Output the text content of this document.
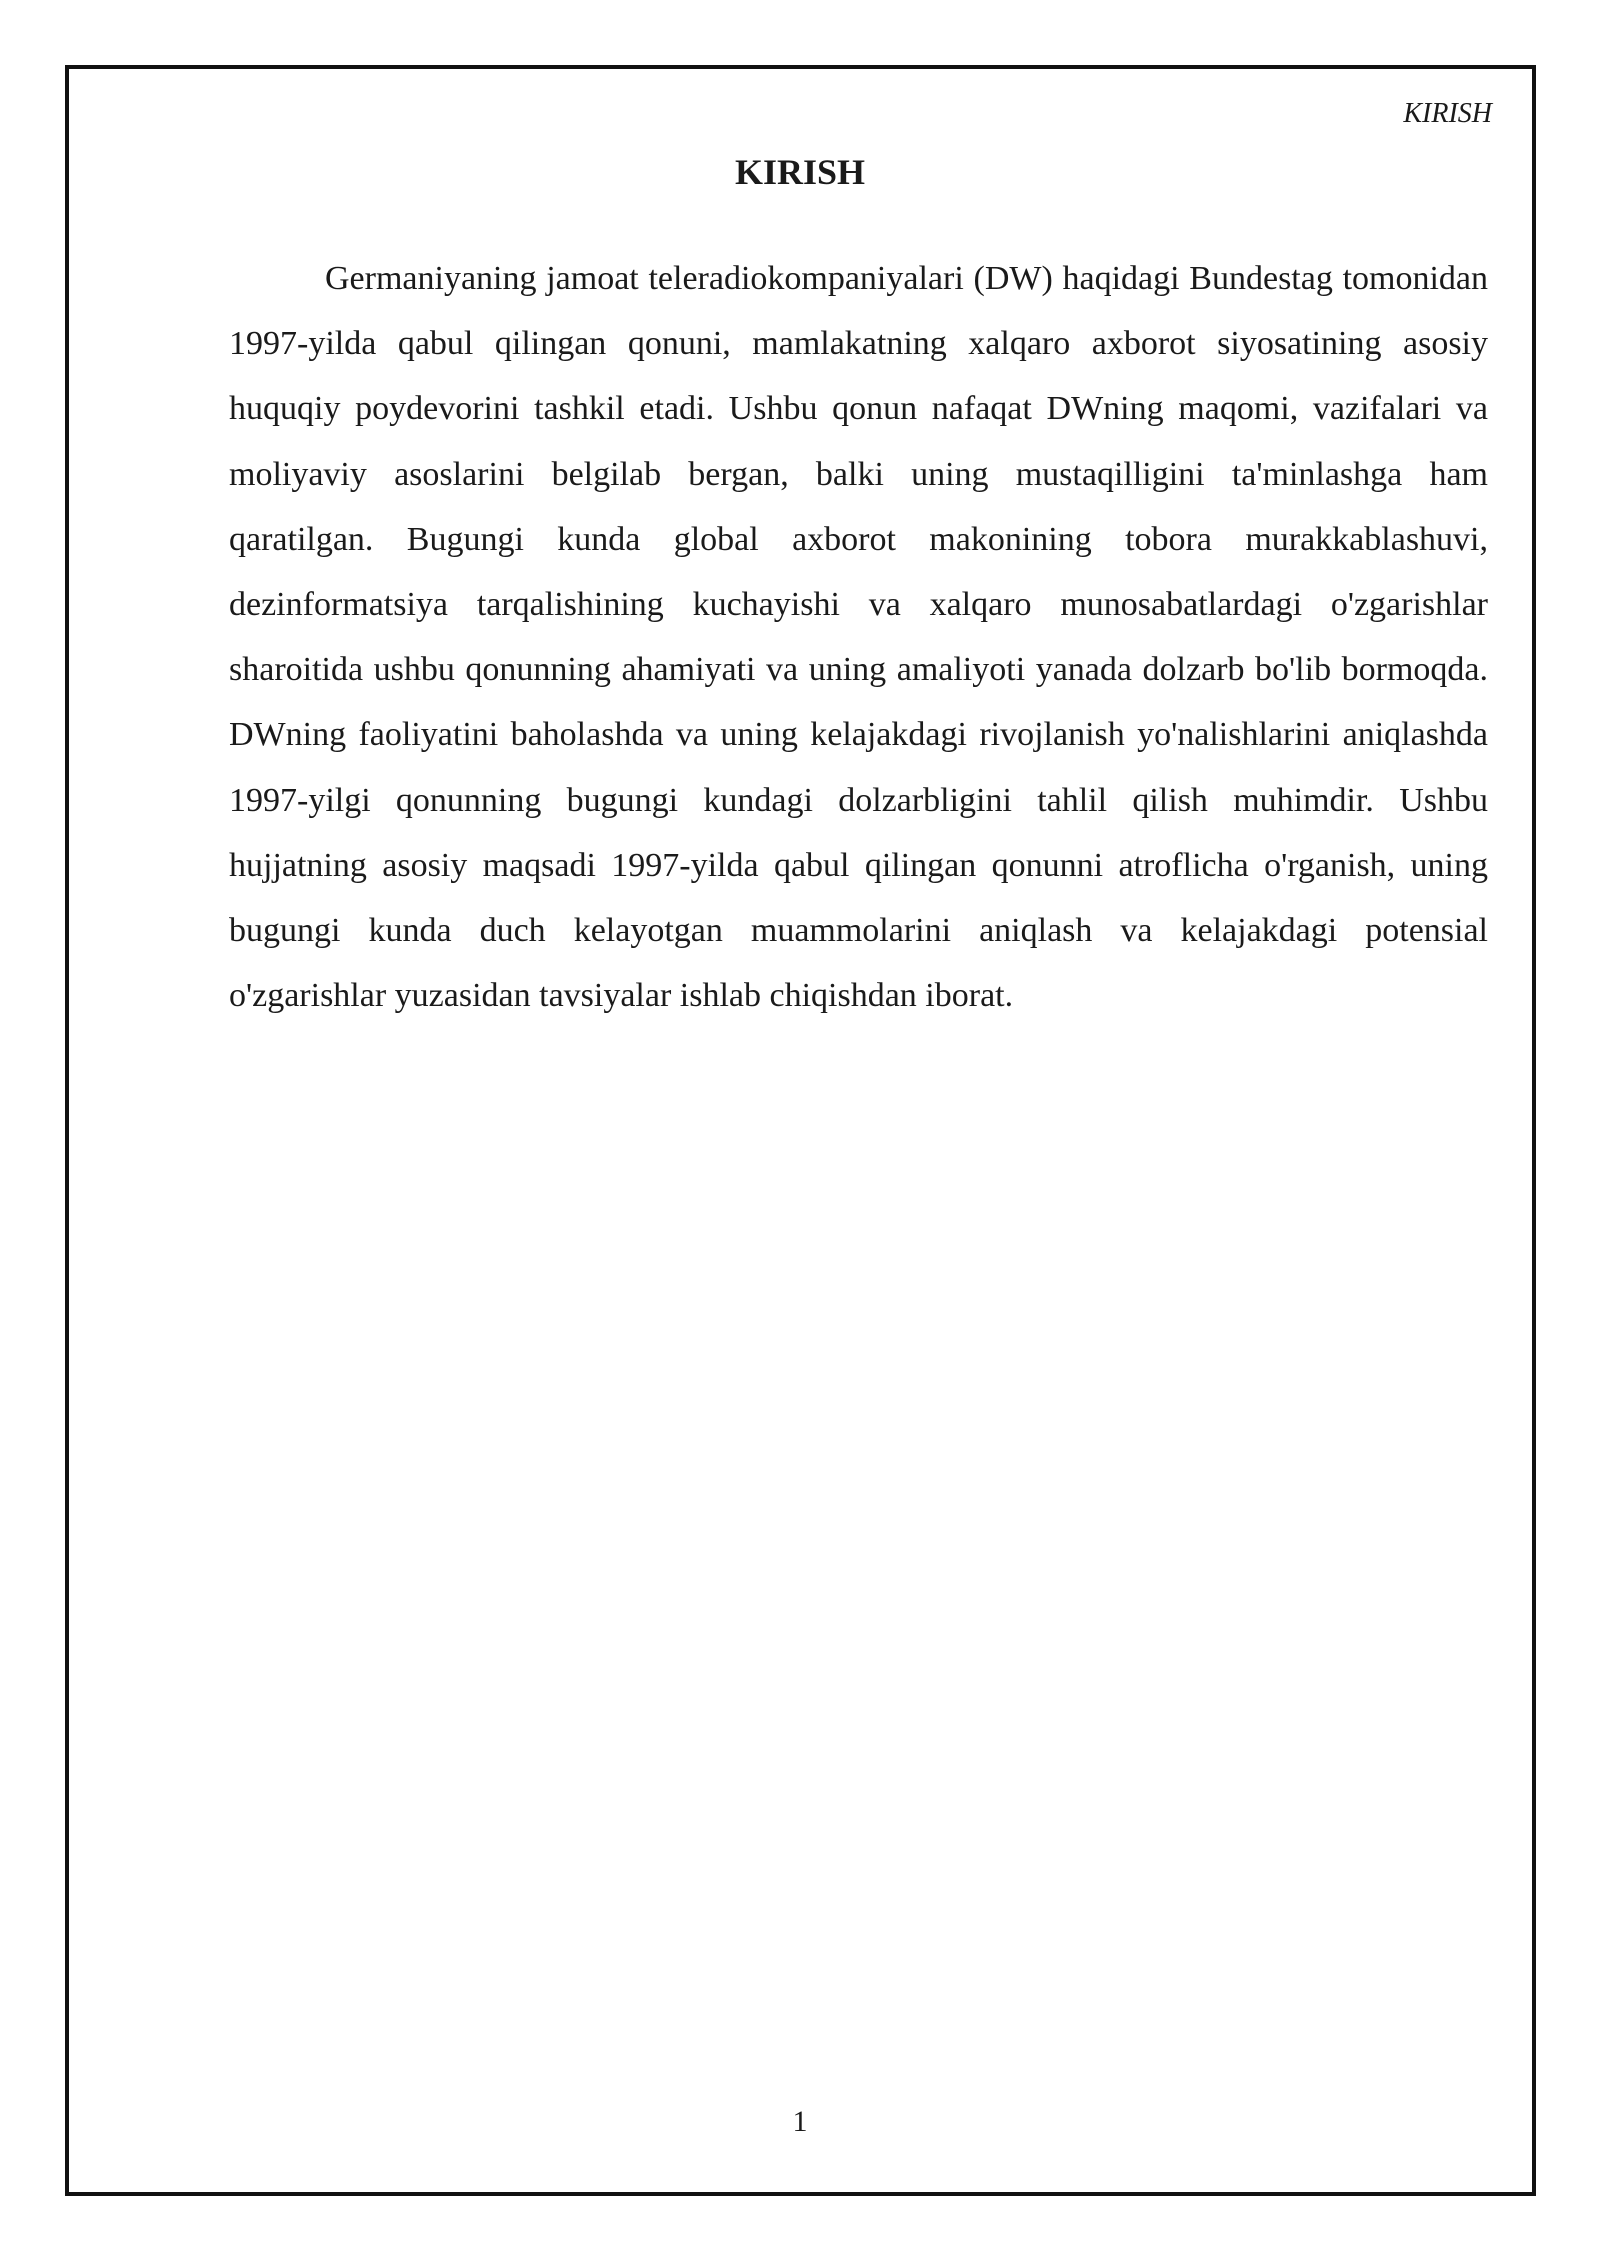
KIRISH
KIRISH

Germaniyaning jamoat teleradiokompaniyalari (DW) haqidagi Bundestag tomonidan 1997-yilda qabul qilingan qonuni, mamlakatning xalqaro axborot siyosatining asosiy huquqiy poydevorini tashkil etadi. Ushbu qonun nafaqat DWning maqomi, vazifalari va moliyaviy asoslarini belgilab bergan, balki uning mustaqilligini ta'minlashga ham qaratilgan. Bugungi kunda global axborot makonining tobora murakkablashuvi, dezinformatsiya tarqalishining kuchayishi va xalqaro munosabatlardagi o'zgarishlar sharoitida ushbu qonunning ahamiyati va uning amaliyoti yanada dolzarb bo'lib bormoqda. DWning faoliyatini baholashda va uning kelajakdagi rivojlanish yo'nalishlarini aniqlashda 1997-yilgi qonunning bugungi kundagi dolzarbligini tahlil qilish muhimdir. Ushbu hujjatning asosiy maqsadi 1997-yilda qabul qilingan qonunni atroflicha o'rganish, uning bugungi kunda duch kelayotgan muammolarini aniqlash va kelajakdagi potensial o'zgarishlar yuzasidan tavsiyalar ishlab chiqishdan iborat.

1
